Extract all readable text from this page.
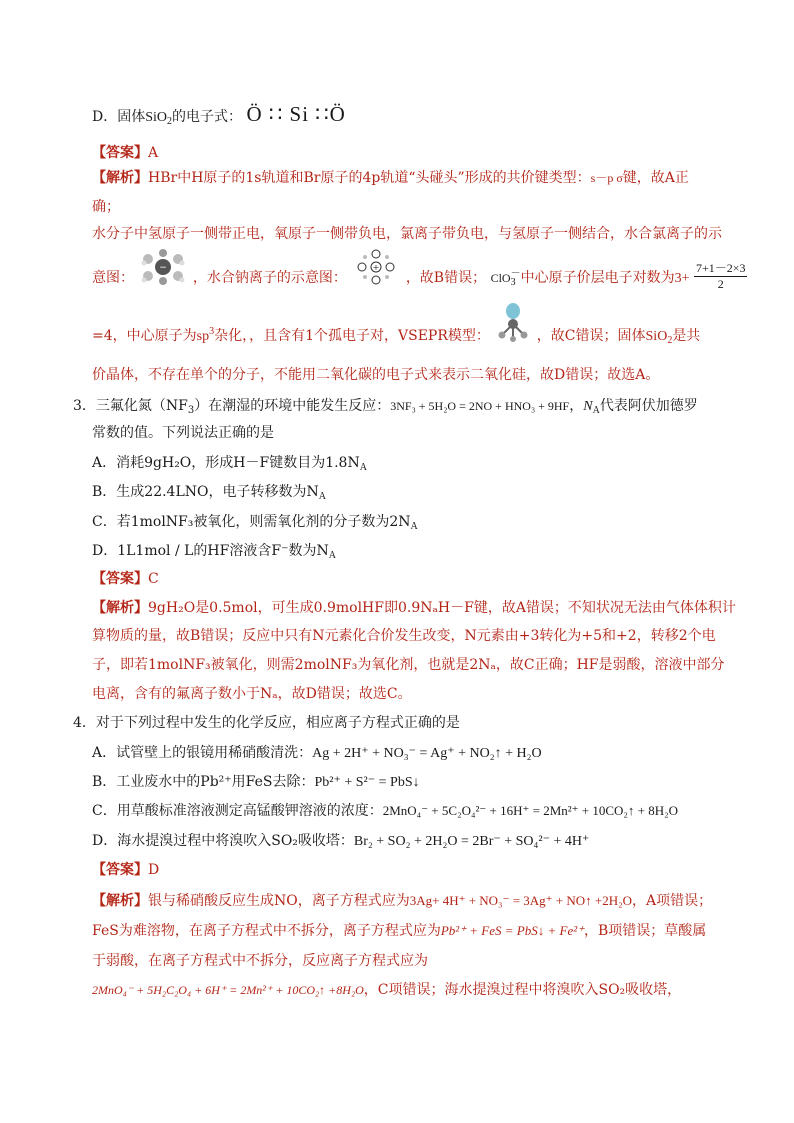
D．固体SiO$_2$的电子式： Ö ∷ Si ∷Ö
【答案】A
【解析】HBr中H原子的1s轨道和Br原子的4p轨道“头碰头”形成的共价键类型：s－p σ键，故A正
确；
水分子中氢原子一侧带正电，氧原子一侧带负电，氯离子带负电，与氢原子一侧结合，水合氯离子的示
意图：
−
，水合钠离子的示意图：
+
，故B错误； ClO$_3$－中心原子价层电子对数为$3+ \frac{7+1-2\times 3}{2}$
=4，中心原子为$sp^3$杂化，，且含有1个孤电子对，VSEPR模型：	，故C错误；固体SiO$_2$是共
价晶体，不存在单个的分子，不能用二氧化碳的电子式来表示二氧化硅，故D错误；故选A。
3．三氟化氮$(NF_3)$在潮湿的环境中能发生反应：3NF₃ + 5H₂O = 2NO + HNO₃ + 9HF，$N_A$代表阿伏加德罗
常数的值。下列说法正确的是
A．消耗9gH₂O，形成H－F键数目为$1.8N_A$
B．生成22.4LNO，电子转移数为$N_A$
C．若1molNF₃被氧化，则需氧化剂的分子数为$2N_A$
D．1L1mol / L的HF溶液含F⁻数为$N_A$
【答案】C
【解析】9gH₂O是0.5mol，可生成0.9molHF即0.9NₐH－F键，故A错误；不知状况无法由气体体积计
算物质的量，故B错误；反应中只有N元素化合价发生改变，N元素由+3转化为+5和+2，转移2个电
子，即若1molNF₃被氧化，则需2molNF₃为氧化剂，也就是2Nₐ，故C正确；HF是弱酸，溶液中部分
电离，含有的氟离子数小于Nₐ，故D错误；故选C。
4．对于下列过程中发生的化学反应，相应离子方程式正确的是
A．试管壁上的银镜用稀硝酸清洗：Ag + 2H⁺ + NO₃⁻ = Ag⁺ + NO₂↑ + H₂O
B．工业废水中的Pb²⁺用FeS去除：Pb²⁺ + S²⁻ = PbS↓
C．用草酸标准溶液测定高锰酸钾溶液的浓度：2MnO₄⁻ + 5C₂O₄²⁻ + 16H⁺ = 2Mn²⁺ + 10CO₂↑ + 8H₂O
D．海水提溴过程中将溴吹入SO₂吸收塔：Br₂ + SO₂ + 2H₂O = 2Br⁻ + SO₄²⁻ + 4H⁺
【答案】D
【解析】银与稀硝酸反应生成NO，离子方程式应为3Ag+ 4H⁺ + NO₃⁻ = 3Ag⁺ + NO↑ +2H₂O，A项错误；
FeS为难溶物，在离子方程式中不拆分，离子方程式应为Pb²⁺ + FeS = PbS↓ + Fe²⁺，B项错误；草酸属
于弱酸，在离子方程式中不拆分，反应离子方程式应为
2MnO₄⁻ + 5H₂C₂O₄ + 6H⁺ = 2Mn²⁺ + 10CO₂↑ +8H₂O，C项错误；海水提溴过程中将溴吹入SO₂吸收塔，
